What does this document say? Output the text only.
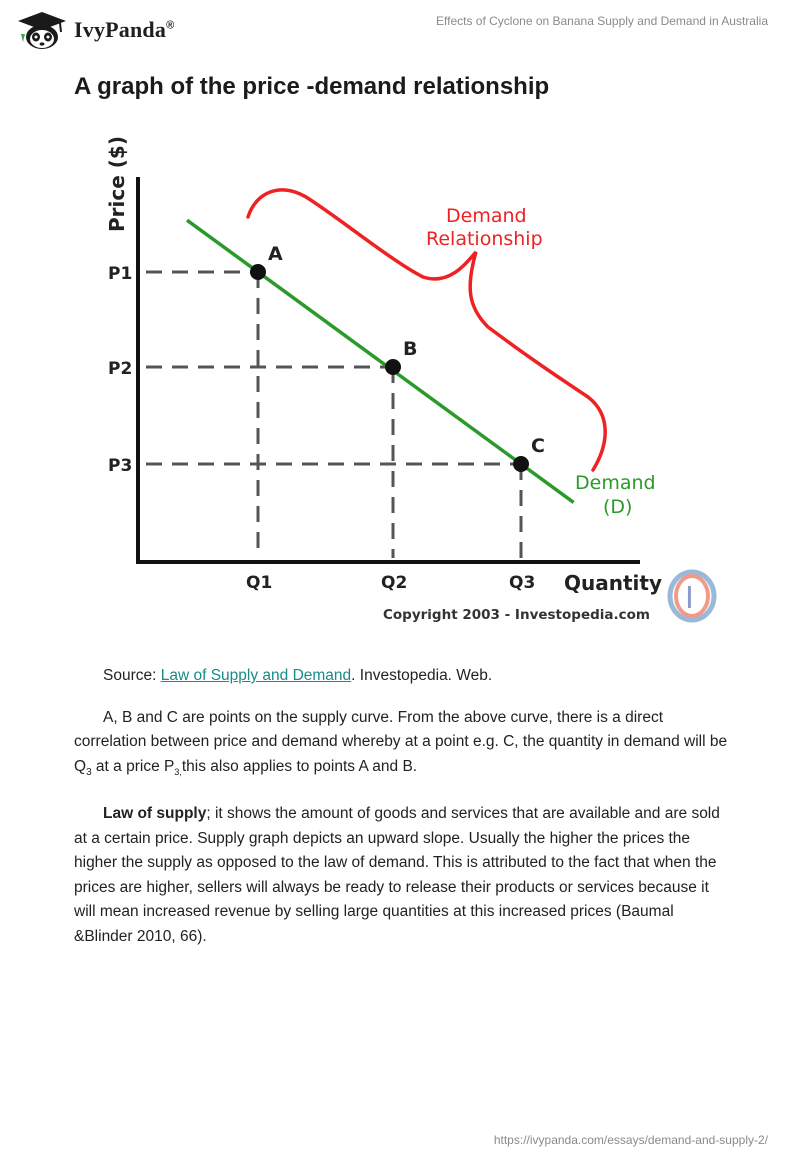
IvyPanda®	Effects of Cyclone on Banana Supply and Demand in Australia
A graph of the price -demand relationship
Price ($)
Quantity
Demand
Relationship
A
B
C
Demand
(D)
Q1	Q2	Q3
P1
P2
P3
Copyright 2003 - Investopedia.com I

Source: Law of Supply and Demand. Investopedia. Web.

A, B and C are points on the supply curve. From the above curve, there is a direct correlation between price and demand whereby at a point e.g. C, the quantity in demand will be $Q_3$ at a price $P_{3,}this$ also applies to points A and B.

Law of supply; it shows the amount of goods and services that are available and are sold at a certain price. Supply graph depicts an upward slope. Usually the higher the prices the higher the supply as opposed to the law of demand. This is attributed to the fact that when the prices are higher, sellers will always be ready to release their products or services because it will mean increased revenue by selling large quantities at this increased prices (Baumal &Blinder 2010, 66).

https://ivypanda.com/essays/demand-and-supply-2/
